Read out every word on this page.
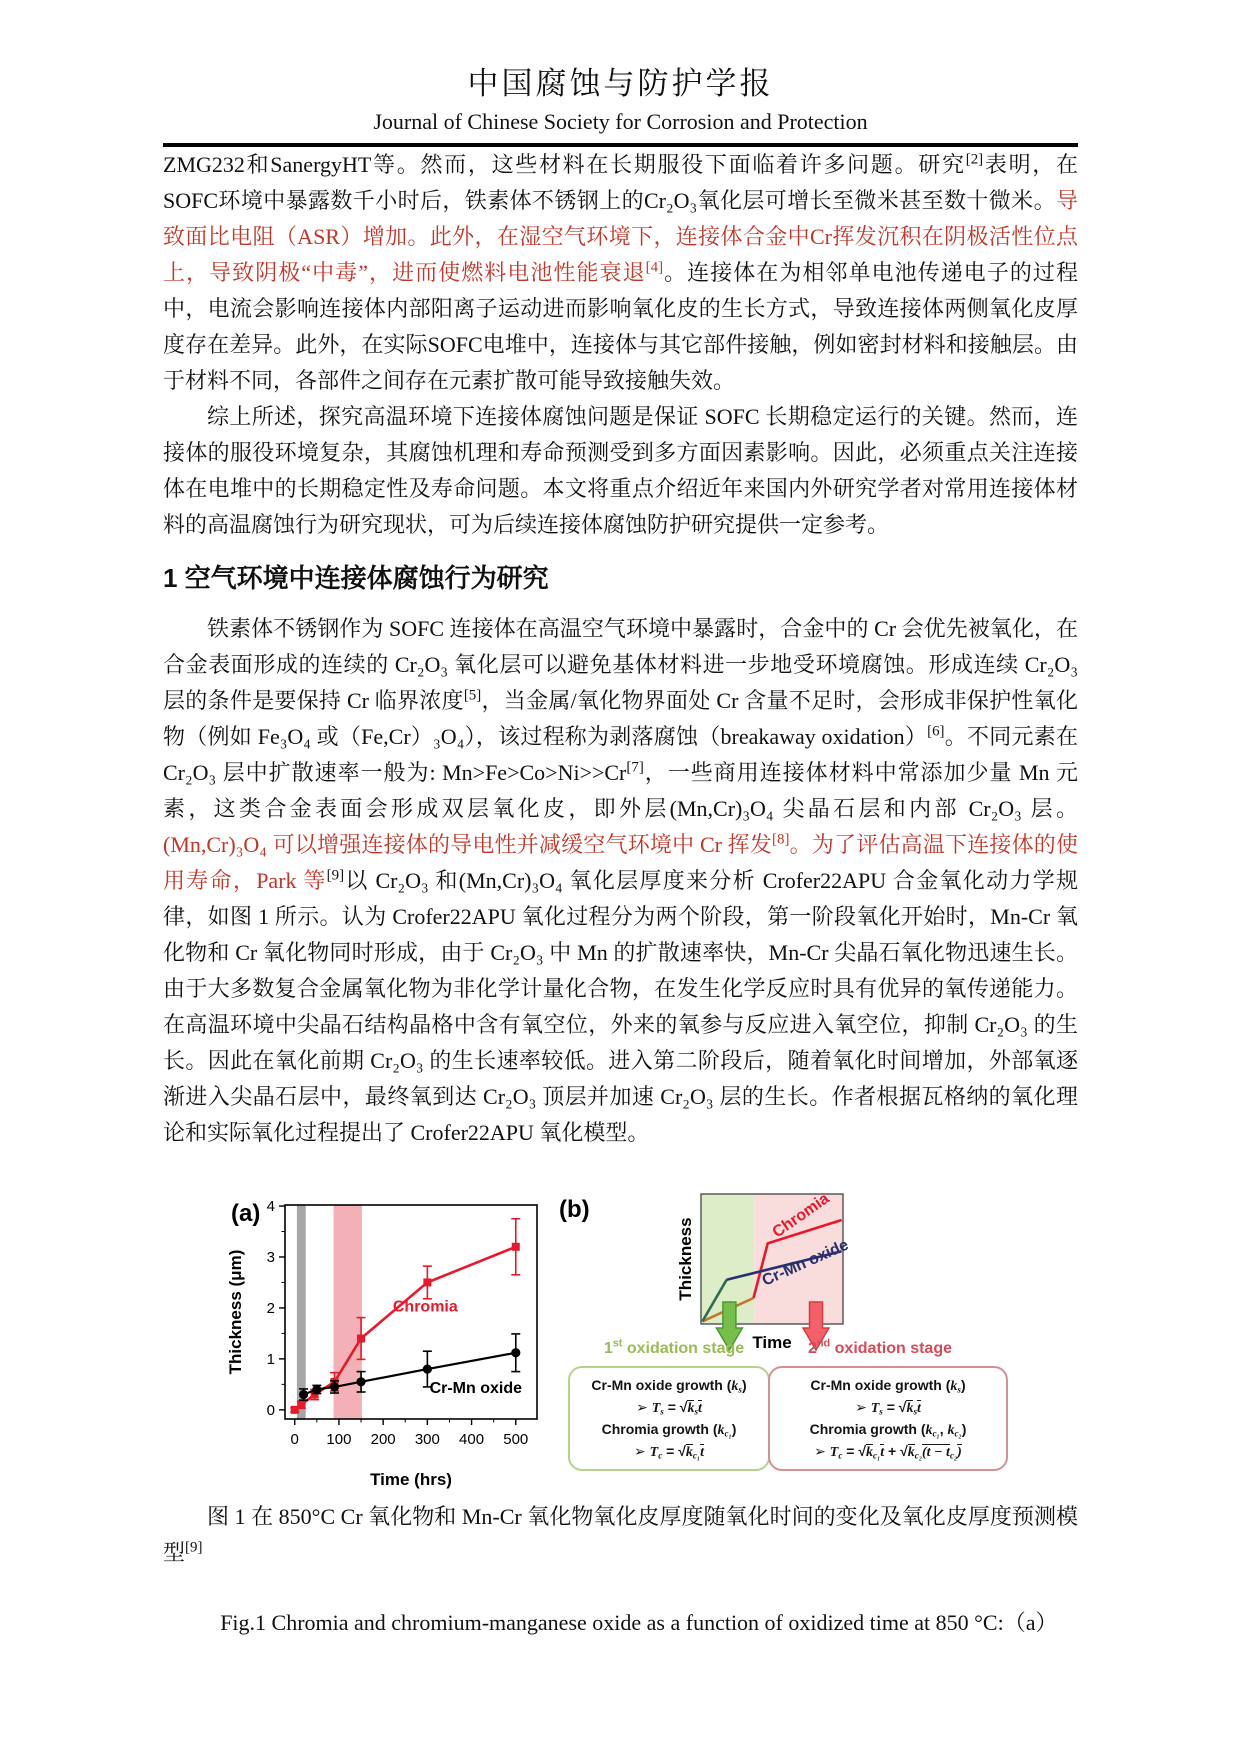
中国腐蚀与防护学报
Journal of Chinese Society for Corrosion and Protection

ZMG232和SanergyHT等。然而，这些材料在长期服役下面临着许多问题。研究[2]表明，在SOFC环境中暴露数千小时后，铁素体不锈钢上的Cr₂O₃氧化层可增长至微米甚至数十微米。导致面比电阻（ASR）增加。此外，在湿空气环境下，连接体合金中Cr挥发沉积在阴极活性位点上，导致阴极“中毒”，进而使燃料电池性能衰退[4]。连接体在为相邻单电池传递电子的过程中，电流会影响连接体内部阳离子运动进而影响氧化皮的生长方式，导致连接体两侧氧化皮厚度存在差异。此外，在实际SOFC电堆中，连接体与其它部件接触，例如密封材料和接触层。由于材料不同，各部件之间存在元素扩散可能导致接触失效。

综上所述，探究高温环境下连接体腐蚀问题是保证 SOFC 长期稳定运行的关键。然而，连接体的服役环境复杂，其腐蚀机理和寿命预测受到多方面因素影响。因此，必须重点关注连接体在电堆中的长期稳定性及寿命问题。本文将重点介绍近年来国内外研究学者对常用连接体材料的高温腐蚀行为研究现状，可为后续连接体腐蚀防护研究提供一定参考。

1 空气环境中连接体腐蚀行为研究

铁素体不锈钢作为 SOFC 连接体在高温空气环境中暴露时，合金中的 Cr 会优先被氧化，在合金表面形成的连续的 Cr₂O₃ 氧化层可以避免基体材料进一步地受环境腐蚀。形成连续 Cr₂O₃ 层的条件是要保持 Cr 临界浓度[5]，当金属/氧化物界面处 Cr 含量不足时，会形成非保护性氧化物（例如 Fe₃O₄ 或（Fe,Cr）₃O₄），该过程称为剥落腐蚀（breakaway oxidation）[6]。不同元素在 Cr₂O₃ 层中扩散速率一般为: Mn>Fe>Co>Ni>>Cr[7]，一些商用连接体材料中常添加少量 Mn 元素，这类合金表面会形成双层氧化皮，即外层(Mn,Cr)₃O₄ 尖晶石层和内部 Cr₂O₃ 层。(Mn,Cr)₃O₄ 可以增强连接体的导电性并减缓空气环境中 Cr 挥发[8]。为了评估高温下连接体的使用寿命，Park 等[9]以 Cr₂O₃ 和(Mn,Cr)₃O₄ 氧化层厚度来分析 Crofer22APU 合金氧化动力学规律，如图 1 所示。认为 Crofer22APU 氧化过程分为两个阶段，第一阶段氧化开始时，Mn-Cr 氧化物和 Cr 氧化物同时形成，由于 Cr₂O₃ 中 Mn 的扩散速率快，Mn-Cr 尖晶石氧化物迅速生长。由于大多数复合金属氧化物为非化学计量化合物，在发生化学反应时具有优异的氧传递能力。在高温环境中尖晶石结构晶格中含有氧空位，外来的氧参与反应进入氧空位，抑制 Cr₂O₃ 的生长。因此在氧化前期 Cr₂O₃ 的生长速率较低。进入第二阶段后，随着氧化时间增加，外部氧逐渐进入尖晶石层中，最终氧到达 Cr₂O₃ 顶层并加速 Cr₂O₃ 层的生长。作者根据瓦格纳的氧化理论和实际氧化过程提出了 Crofer22APU 氧化模型。

0 100 200 300 400 500
0
1
2
3
4
Time (hrs)
Thickness (μm)	Chromia
Cr-Mn oxide
(a)	Chromia
Cr-Mn oxide
Thickness
Time
(b)
1st oxidation stage	2nd oxidation stage
Cr-Mn oxide growth (ks)
➢ Ts = √kst
Chromia growth (kc₁)
➢ Tc = √kc₁t
Cr-Mn oxide growth (ks)
➢ Ts = √kst
Chromia growth (kc₁, kc₂)
➢ Tc = √kc₁t + √kc₂(t − tc₂)

图 1 在 850°C Cr 氧化物和 Mn-Cr 氧化物氧化皮厚度随氧化时间的变化及氧化皮厚度预测模型[9]

Fig.1 Chromia and chromium-manganese oxide as a function of oxidized time at 850 °C:（a）
